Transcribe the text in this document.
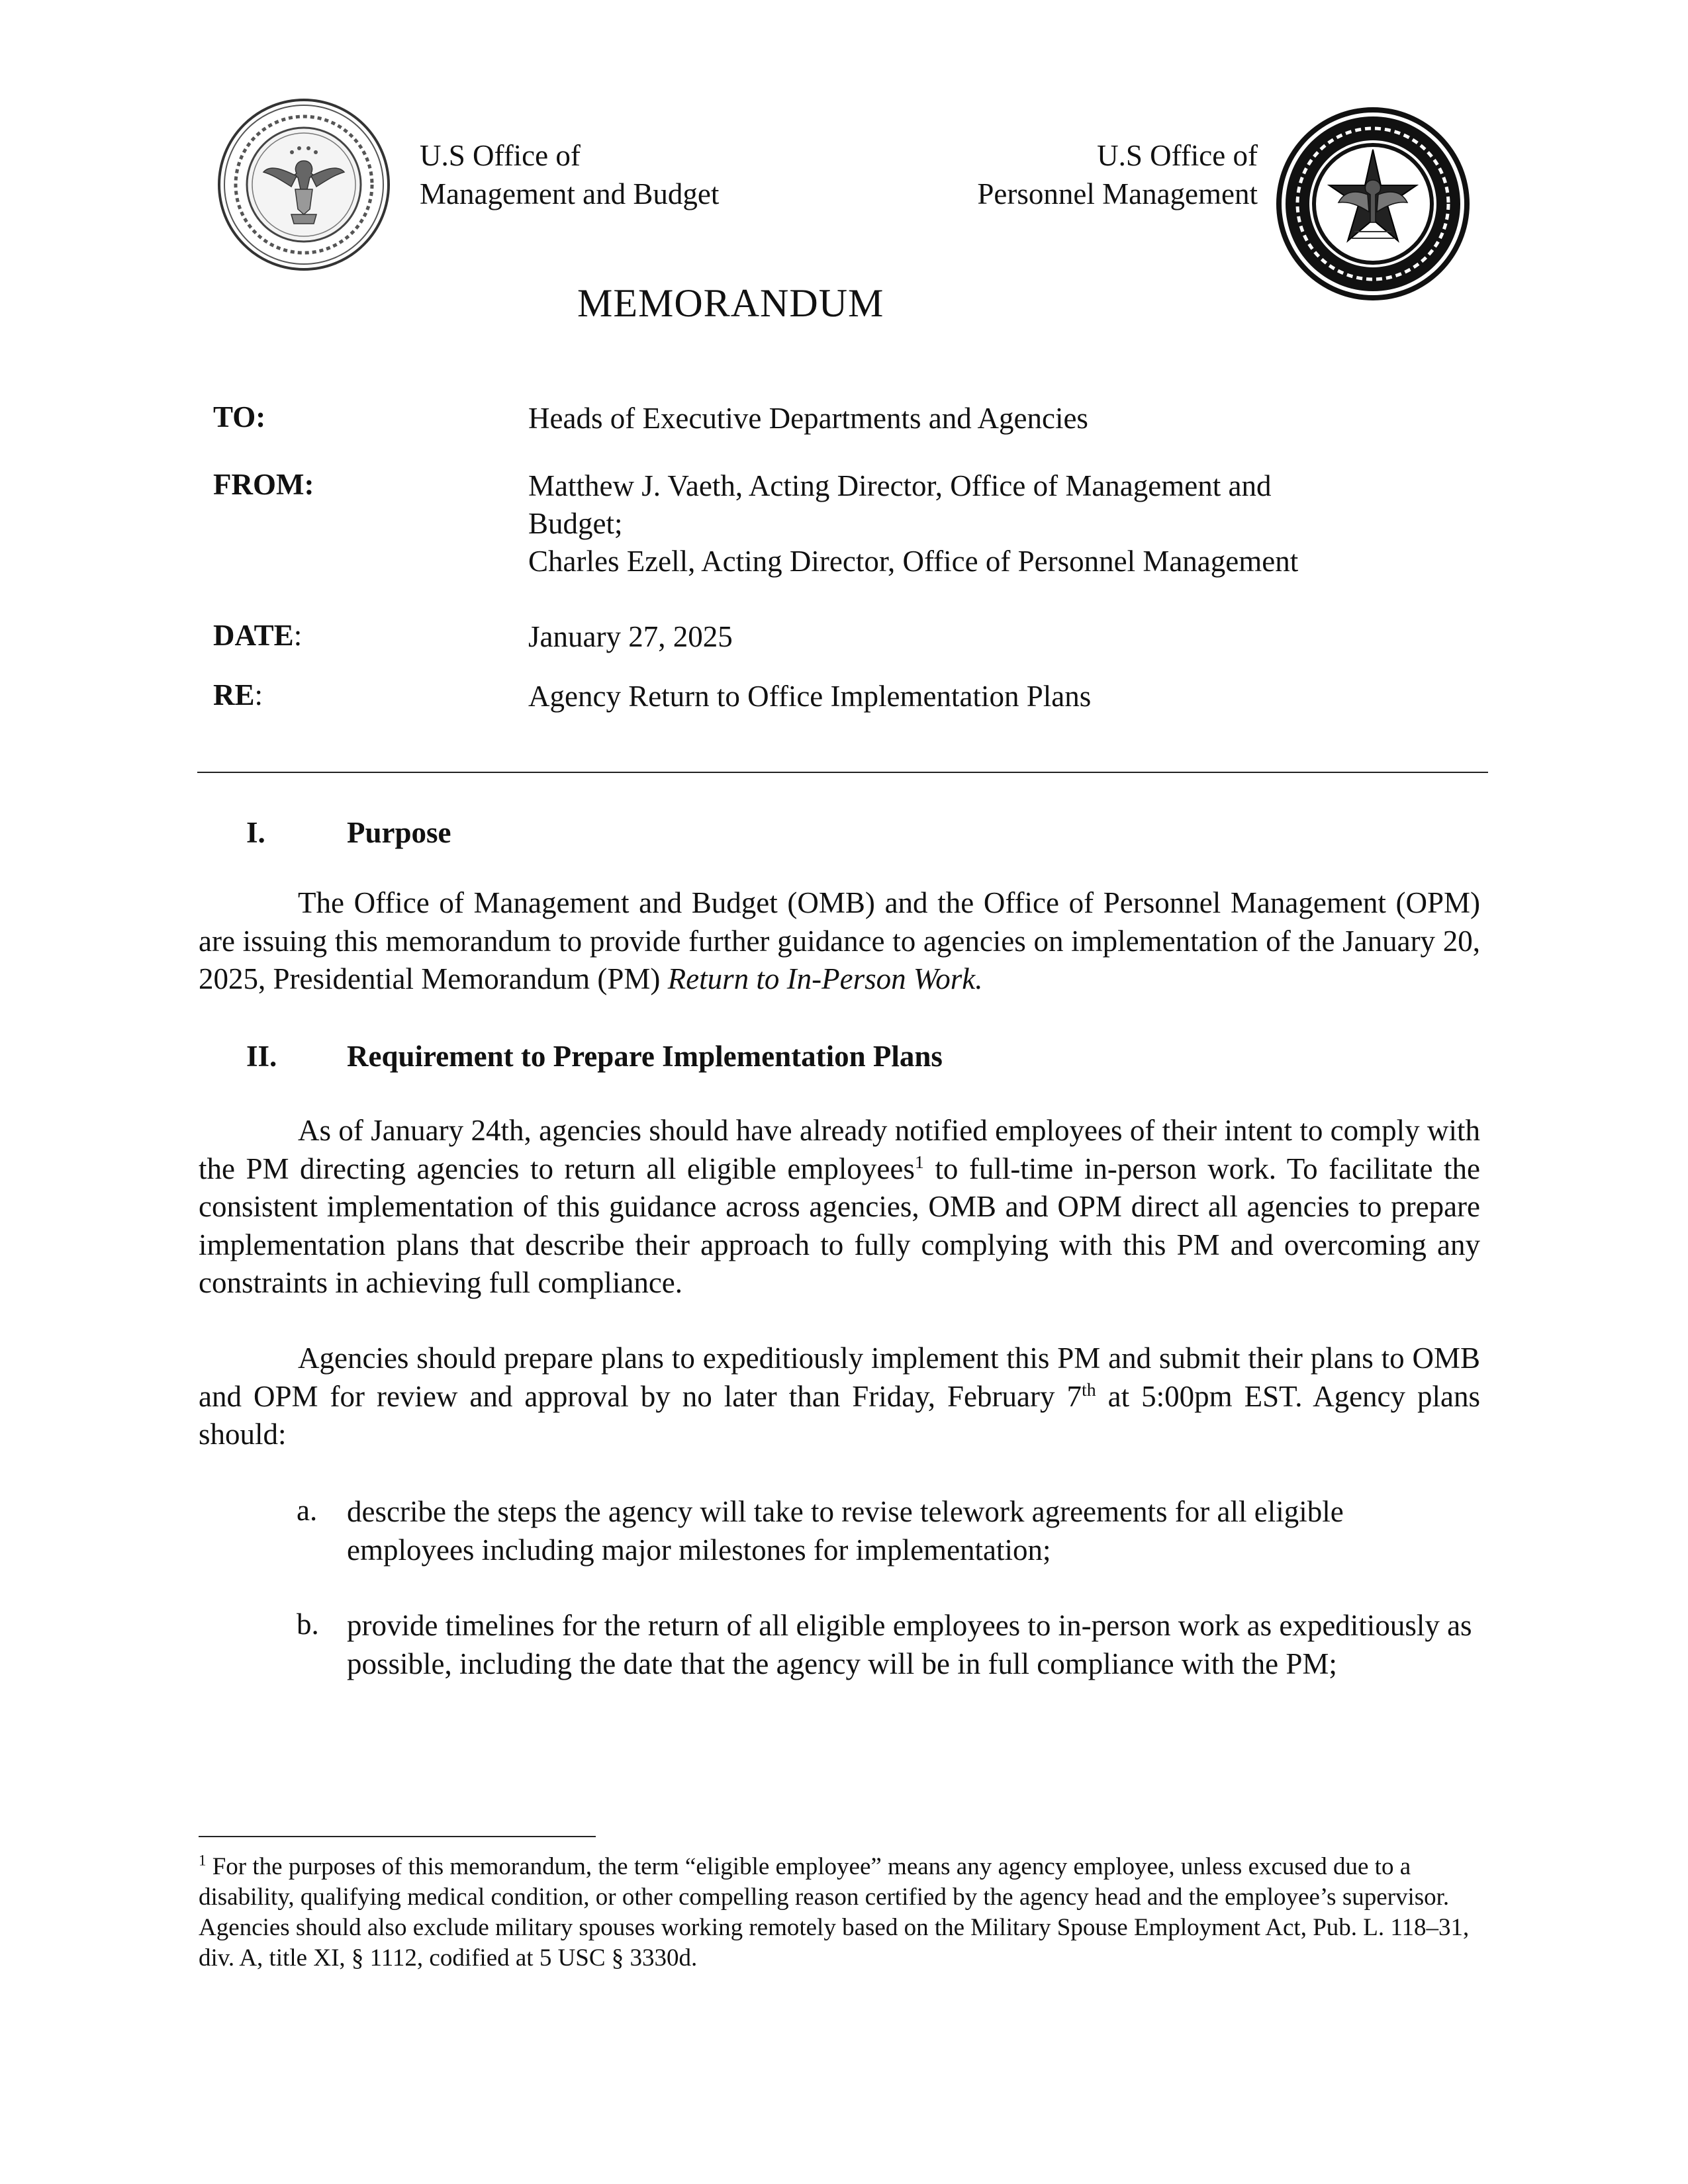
U.S Office of
Management and Budget
U.S Office of
Personnel Management
MEMORANDUM
TO:	Heads of Executive Departments and Agencies
FROM:	Matthew J. Vaeth, Acting Director, Office of Management and
Budget;
Charles Ezell, Acting Director, Office of Personnel Management
DATE:	January 27, 2025
RE:	Agency Return to Office Implementation Plans
I.	Purpose

The Office of Management and Budget (OMB) and the Office of Personnel Management (OPM) are issuing this memorandum to provide further guidance to agencies on implementation of the January 20, 2025, Presidential Memorandum (PM) Return to In-Person Work.

II. Requirement to Prepare Implementation Plans

As of January 24th, agencies should have already notified employees of their intent to comply with the PM directing agencies to return all eligible employees$^1$ to full-time in-person work. To facilitate the consistent implementation of this guidance across agencies, OMB and OPM direct all agencies to prepare implementation plans that describe their approach to fully complying with this PM and overcoming any constraints in achieving full compliance.

Agencies should prepare plans to expeditiously implement this PM and submit their plans to OMB and OPM for review and approval by no later than Friday, February 7th at 5:00pm EST. Agency plans should:

a. describe the steps the agency will take to revise telework agreements for all eligible employees including major milestones for implementation;
b. provide timelines for the return of all eligible employees to in-person work as expeditiously as possible, including the date that the agency will be in full compliance with the PM;
$^1$ For the purposes of this memorandum, the term “eligible employee” means any agency employee, unless excused due to a disability, qualifying medical condition, or other compelling reason certified by the agency head and the employee’s supervisor. Agencies should also exclude military spouses working remotely based on the Military Spouse Employment Act, Pub. L. 118–31, div. A, title XI, § 1112, codified at 5 USC § 3330d.
